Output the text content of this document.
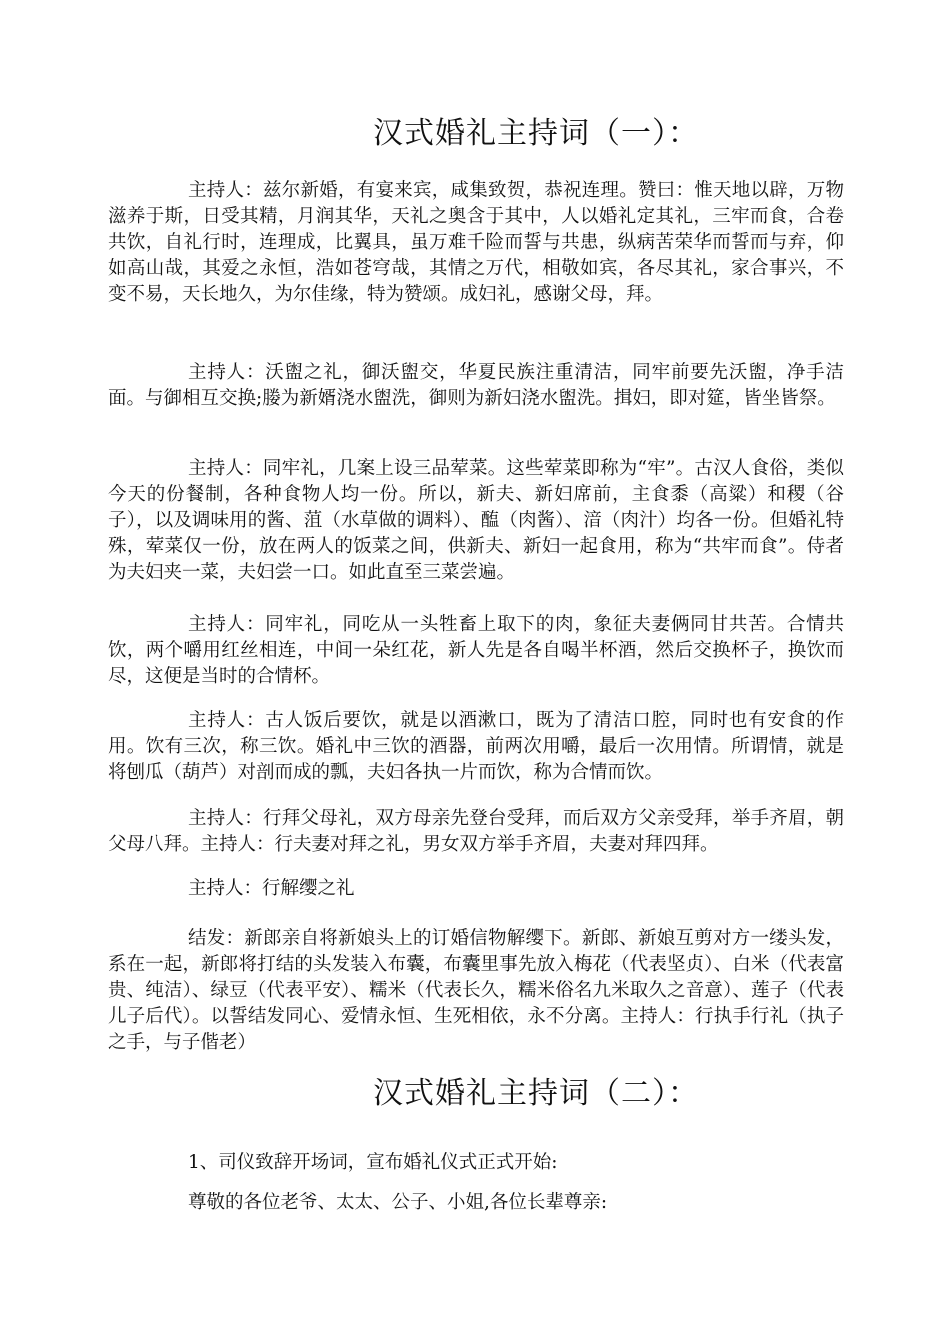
汉式婚礼主持词（一）：

主持人：兹尔新婚，有宴来宾，咸集致贺，恭祝连理。赞曰：惟天地以辟，万物滋养于斯，日受其精，月润其华，天礼之奥含于其中，人以婚礼定其礼，三牢而食，合卷共饮，自礼行时，连理成，比翼具，虽万难千险而誓与共患，纵病苦荣华而誓而与弃，仰如高山哉，其爱之永恒，浩如苍穹哉，其情之万代，相敬如宾，各尽其礼，家合事兴，不变不易，天长地久，为尔佳缘，特为赞颂。成妇礼，感谢父母，拜。

主持人：沃盥之礼，御沃盥交，华夏民族注重清洁，同牢前要先沃盥，净手洁面。与御相互交换;媵为新婿浇水盥洗，御则为新妇浇水盥洗。揖妇，即对筵，皆坐皆祭。

主持人：同牢礼，几案上设三品荤菜。这些荤菜即称为“牢”。古汉人食俗，类似今天的份餐制，各种食物人均一份。所以，新夫、新妇席前，主食黍（高粱）和稷（谷子），以及调味用的酱、菹（水草做的调料）、醢（肉酱）、湆（肉汁）均各一份。但婚礼特殊，荤菜仅一份，放在两人的饭菜之间，供新夫、新妇一起食用，称为“共牢而食”。侍者为夫妇夹一菜，夫妇尝一口。如此直至三菜尝遍。

主持人：同牢礼，同吃从一头牲畜上取下的肉，象征夫妻俩同甘共苦。合情共饮，两个嚼用红丝相连，中间一朵红花，新人先是各自喝半杯酒，然后交换杯子，换饮而尽，这便是当时的合情杯。

主持人：古人饭后要饮，就是以酒漱口，既为了清洁口腔，同时也有安食的作用。饮有三次，称三饮。婚礼中三饮的酒器，前两次用嚼，最后一次用情。所谓情，就是将刨瓜（葫芦）对剖而成的瓢，夫妇各执一片而饮，称为合情而饮。

主持人：行拜父母礼，双方母亲先登台受拜，而后双方父亲受拜，举手齐眉，朝父母八拜。主持人：行夫妻对拜之礼，男女双方举手齐眉，夫妻对拜四拜。

主持人：行解缨之礼

结发：新郎亲自将新娘头上的订婚信物解缨下。新郎、新娘互剪对方一缕头发，系在一起，新郎将打结的头发装入布囊，布囊里事先放入梅花（代表坚贞）、白米（代表富贵、纯洁）、绿豆（代表平安）、糯米（代表长久，糯米俗名九米取久之音意）、莲子（代表儿子后代）。以誓结发同心、爱情永恒、生死相依，永不分离。主持人：行执手行礼（执子之手，与子偕老）

汉式婚礼主持词（二）：

1、司仪致辞开场词，宣布婚礼仪式正式开始:

尊敬的各位老爷、太太、公子、小姐,各位长辈尊亲:
